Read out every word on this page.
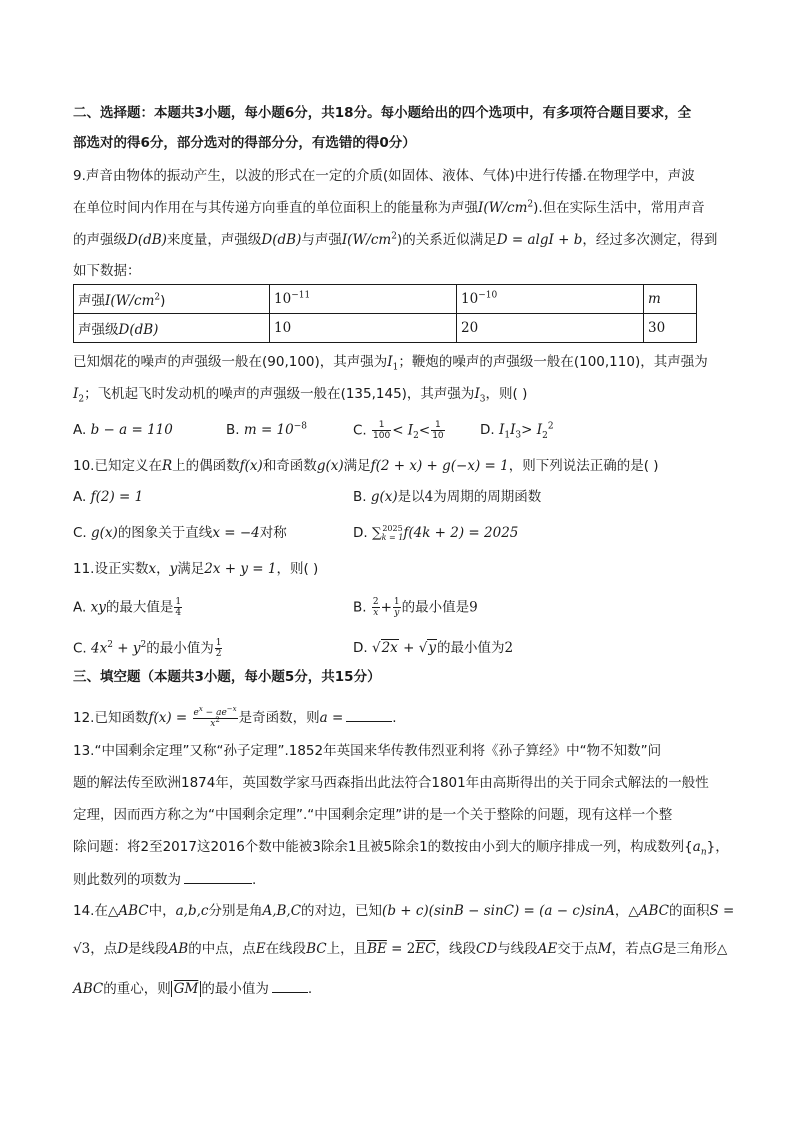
二、选择题：本题共3小题，每小题6分，共18分。每小题给出的四个选项中，有多项符合题目要求，全
部选对的得6分，部分选对的得部分分，有选错的得0分）
9.声音由物体的振动产生，以波的形式在一定的介质(如固体、液体、气体)中进行传播.在物理学中，声波
在单位时间内作用在与其传递方向垂直的单位面积上的能量称为声强$I(W/cm^2)$.但在实际生活中，常用声音
的声强级D(dB)来度量，声强级D(dB)与声强$I(W/cm^2)$的关系近似满足D = algI + b，经过多次测定，得到
如下数据：
声强$I(W/cm^2)$	$10^{-11}$	$10^{-10}$	m
声强级D(dB)	10	20	30
已知烟花的噪声的声强级一般在(90,100)，其声强为$I_1$；鞭炮的噪声的声强级一般在(100,110)，其声强为
$I_2$；飞机起飞时发动机的噪声的声强级一般在(135,145)，其声强为$I_3$，则( )
A. b − a = 110	B. $m = 10^{-8}$	C. $\frac{1}{100} < I_2< \frac{1}{10}$	D. $I_1I_3> I_2^2$
10.已知定义在R上的偶函数f(x)和奇函数g(x)满足f(2 + x) + g(−x) = 1，则下列说法正确的是( )
A. f(2) = 1	B. g(x)是以4为周期的周期函数
C. g(x)的图象关于直线x = −4对称	D. ∑ 2025
k = 1 f(4k + 2) = 2025
11.设正实数x，y满足2x + y = 1，则( )
A. xy的最大值是 $\frac{1}{4}$	B. $\frac{2}{x} + \frac{1}{y}$ 的最小值是9
C. $4x^2 + y^2$的最小值为 $\frac{1}{2}$	D. √2x + √y的最小值为2
三、填空题（本题共3小题，每小题5分，共15分）
12.已知函数$f(x) = \frac{e^x - ae^{-x}}{x^2}$ 是奇函数，则a =	.
13.“中国剩余定理”又称“孙子定理”.1852年英国来华传教伟烈亚利将《孙子算经》中“物不知数”问
题的解法传至欧洲1874年，英国数学家马西森指出此法符合1801年由高斯得出的关于同余式解法的一般性
定理，因而西方称之为“中国剩余定理”.“中国剩余定理”讲的是一个关于整除的问题，现有这样一个整
除问题：将2至2017这2016个数中能被3除余1且被5除余1的数按由小到大的顺序排成一列，构成数列$\{a_n\}$，
则此数列的项数为	.
14.在△ABC中，a,b,c分别是角A,B,C的对边，已知(b + c)(sinB − sinC) = (a − c)sinA，△ABC的面积S =
√3，点D是线段AB的中点，点E在线段BC上，且$\overline{BE} = 2\overline{EC}$，线段CD与线段AE交于点M，若点G是三角形△
ABC的重心，则 $\overline{GM}$ 的最小值为	.
